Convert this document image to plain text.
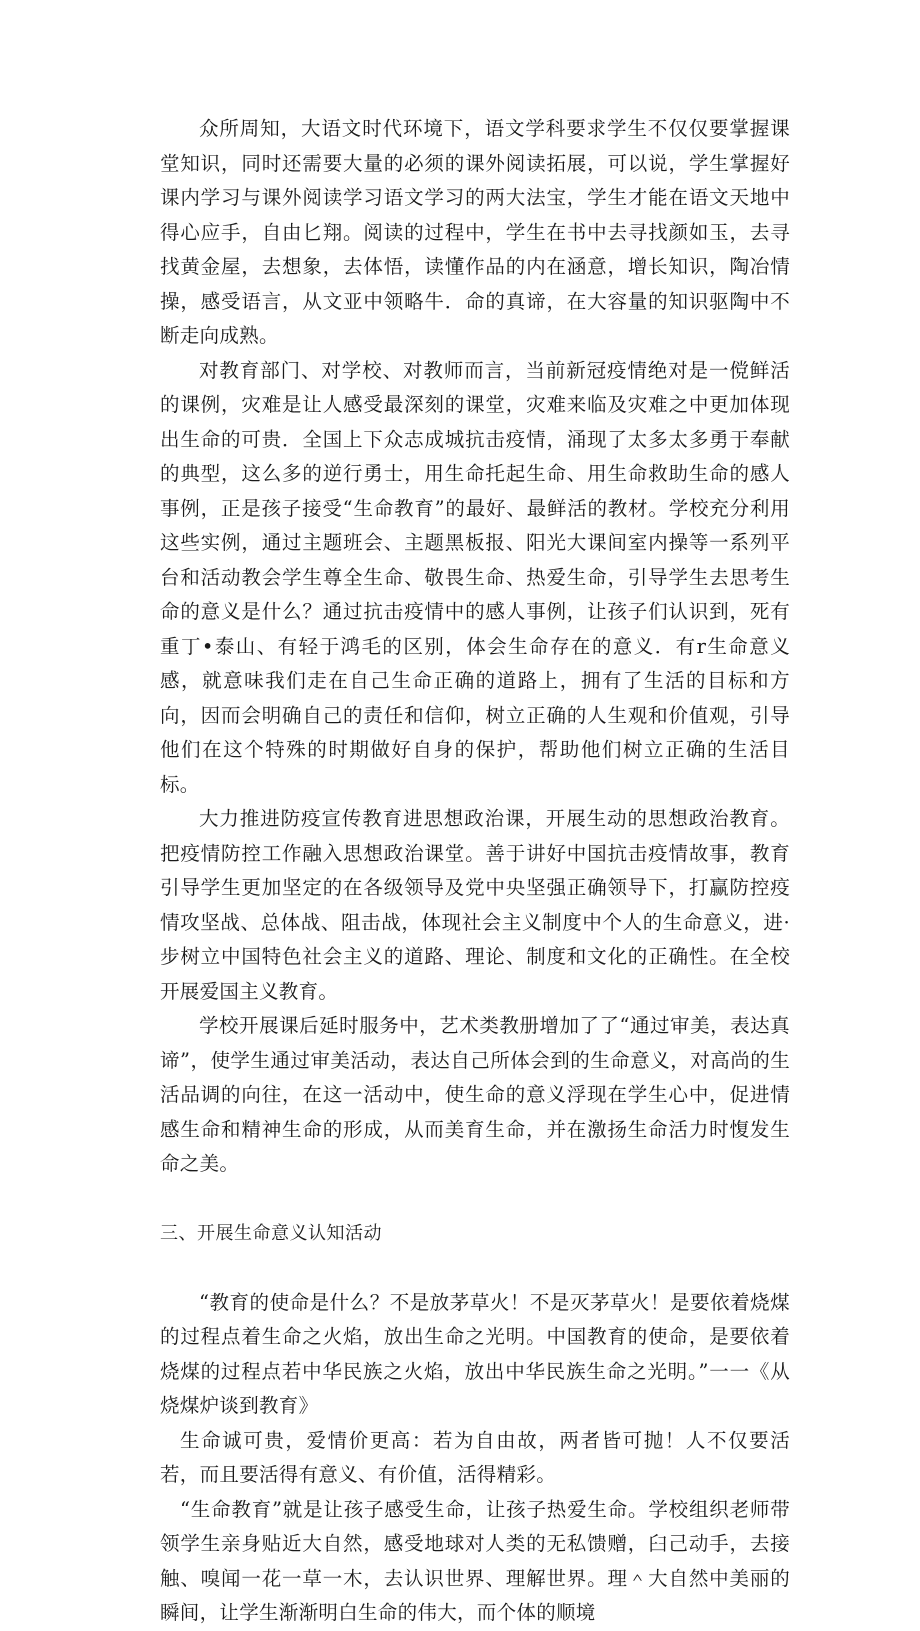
众所周知，大语文时代环境下，语文学科要求学生不仅仅要掌握课堂知识，同时还需要大量的必须的课外阅读拓展，可以说，学生掌握好课内学习与课外阅读学习语文学习的两大法宝，学生才能在语文天地中得心应手，自由匕翔。阅读的过程中，学生在书中去寻找颜如玉，去寻找黄金屋，去想象，去体悟，读懂作品的内在涵意，增长知识，陶冶情操，感受语言，从文亚中领略牛．命的真谛，在大容量的知识驱陶中不断走向成熟。

对教育部门、对学校、对教师而言，当前新冠疫情绝对是一傥鲜活的课例，灾难是让人感受最深刻的课堂，灾难来临及灾难之中更加体现出生命的可贵．全国上下众志成城抗击疫情，涌现了太多太多勇于奉献的典型，这么多的逆行勇士，用生命托起生命、用生命救助生命的感人事例，正是孩子接受“生命教育”的最好、最鲜活的教材。学校充分利用这些实例，通过主题班会、主题黑板报、阳光大课间室内操等一系列平台和活动教会学生尊全生命、敬畏生命、热爱生命，引导学生去思考生命的意义是什么？通过抗击疫情中的感人事例，让孩子们认识到，死有重丁•泰山、有轻于鸿毛的区别，体会生命存在的意义．有r生命意义感，就意味我们走在自己生命正确的道路上，拥有了生活的目标和方向，因而会明确自己的责任和信仰，树立正确的人生观和价值观，引导他们在这个特殊的时期做好自身的保护，帮助他们树立正确的生活目标。

大力推进防疫宣传教育进思想政治课，开展生动的思想政治教育。把疫情防控工作融入思想政治课堂。善于讲好中国抗击疫情故事，教育引导学生更加坚定的在各级领导及党中央坚强正确领导下，打赢防控疫情攻坚战、总体战、阻击战，体现社会主义制度中个人的生命意义，进·步树立中国特色社会主义的道路、理论、制度和文化的正确性。在全校开展爱国主义教育。

学校开展课后延时服务中，艺术类教册增加了了“通过审美，表达真谛”，使学生通过审美活动，表达自己所体会到的生命意义，对高尚的生活品调的向往，在这一活动中，使生命的意义浮现在学生心中，促进情感生命和精神生命的形成，从而美育生命，并在激扬生命活力时愎发生命之美。

三、开展生命意义认知活动

“教育的使命是什么？不是放茅草火！不是灭茅草火！是要依着烧煤的过程点着生命之火焰，放出生命之光明。中国教育的使命，是要依着烧煤的过程点若中华民族之火焰，放出中华民族生命之光明。”一一《从烧煤炉谈到教育》

生命诚可贵，爱情价更高：若为自由故，两者皆可抛！人不仅要活若，而且要活得有意义、有价值，活得精彩。

“生命教育”就是让孩子感受生命，让孩子热爱生命。学校组织老师带领学生亲身贴近大自然，感受地球对人类的无私馈赠，臼己动手，去接触、嗅闻一花一草一木，去认识世界、理解世界。理＾大自然中美丽的瞬间，让学生渐渐明白生命的伟大，而个体的顺境
